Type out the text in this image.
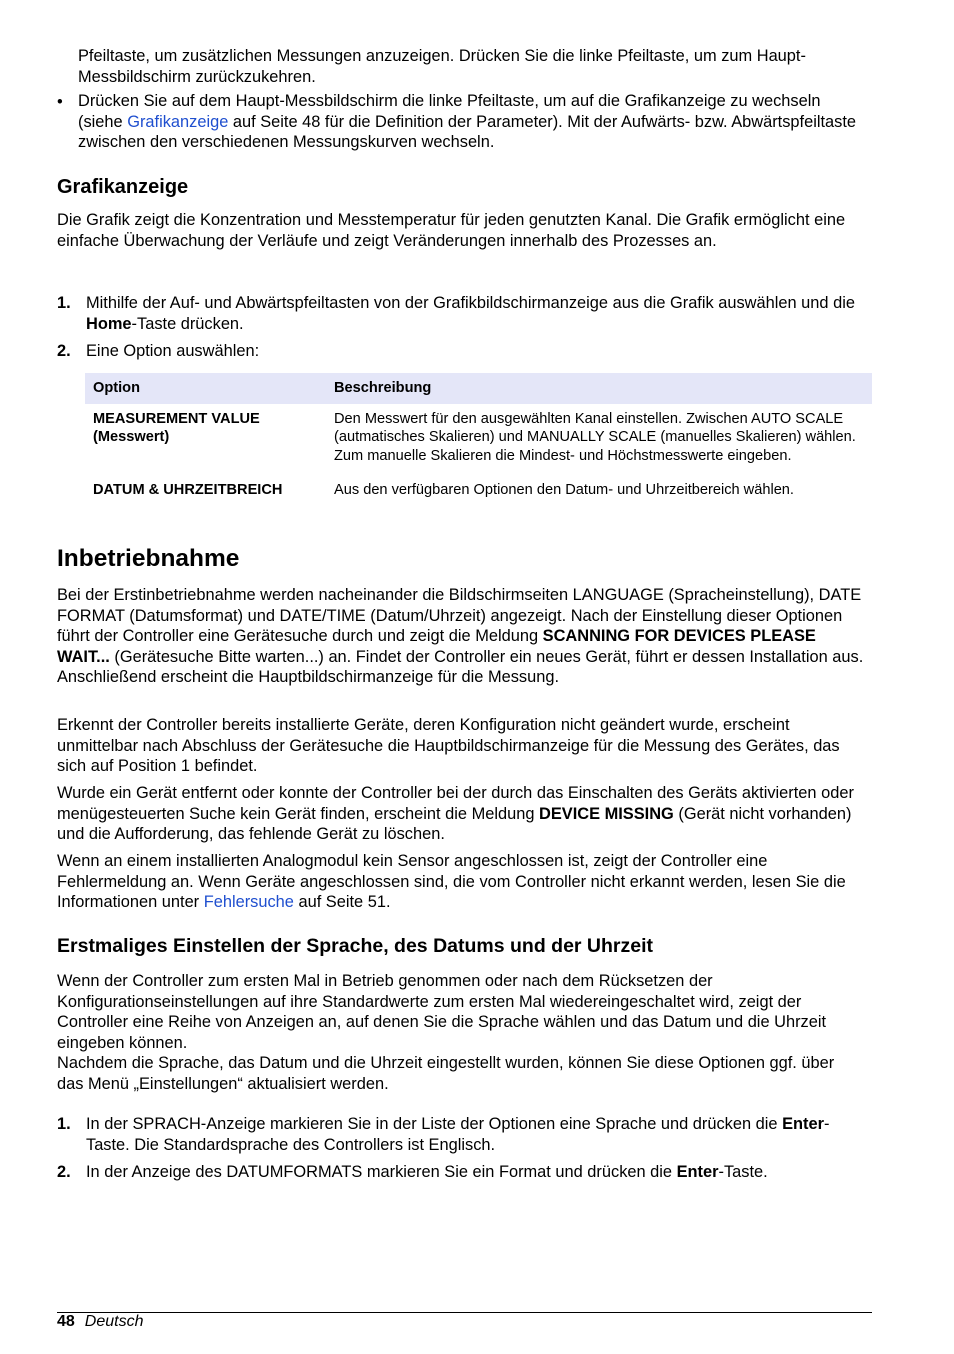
Pfeiltaste, um zusätzlichen Messungen anzuzeigen. Drücken Sie die linke Pfeiltaste, um zum Haupt-Messbildschirm zurückzukehren.

• Drücken Sie auf dem Haupt-Messbildschirm die linke Pfeiltaste, um auf die Grafikanzeige zu wechseln (siehe Grafikanzeige auf Seite 48 für die Definition der Parameter). Mit der Aufwärts- bzw. Abwärtspfeiltaste zwischen den verschiedenen Messungskurven wechseln.

Grafikanzeige

Die Grafik zeigt die Konzentration und Messtemperatur für jeden genutzten Kanal. Die Grafik ermöglicht eine einfache Überwachung der Verläufe und zeigt Veränderungen innerhalb des Prozesses an.

1. Mithilfe der Auf- und Abwärtspfeiltasten von der Grafikbildschirmanzeige aus die Grafik auswählen und die Home-Taste drücken.

2. Eine Option auswählen:

Option	Beschreibung
MEASUREMENT VALUE (Messwert)	Den Messwert für den ausgewählten Kanal einstellen. Zwischen AUTO SCALE (autmatisches Skalieren) und MANUALLY SCALE (manuelles Skalieren) wählen. Zum manuelle Skalieren die Mindest- und Höchstmesswerte eingeben.
DATUM & UHRZEITBREICH	Aus den verfügbaren Optionen den Datum- und Uhrzeitbereich wählen.
Inbetriebnahme

Bei der Erstinbetriebnahme werden nacheinander die Bildschirmseiten LANGUAGE (Spracheinstellung), DATE FORMAT (Datumsformat) und DATE/TIME (Datum/Uhrzeit) angezeigt. Nach der Einstellung dieser Optionen führt der Controller eine Gerätesuche durch und zeigt die Meldung SCANNING FOR DEVICES PLEASE WAIT... (Gerätesuche Bitte warten...) an. Findet der Controller ein neues Gerät, führt er dessen Installation aus. Anschließend erscheint die Hauptbildschirmanzeige für die Messung.

Erkennt der Controller bereits installierte Geräte, deren Konfiguration nicht geändert wurde, erscheint unmittelbar nach Abschluss der Gerätesuche die Hauptbildschirmanzeige für die Messung des Gerätes, das sich auf Position 1 befindet.

Wurde ein Gerät entfernt oder konnte der Controller bei der durch das Einschalten des Geräts aktivierten oder menügesteuerten Suche kein Gerät finden, erscheint die Meldung DEVICE MISSING (Gerät nicht vorhanden) und die Aufforderung, das fehlende Gerät zu löschen.

Wenn an einem installierten Analogmodul kein Sensor angeschlossen ist, zeigt der Controller eine Fehlermeldung an. Wenn Geräte angeschlossen sind, die vom Controller nicht erkannt werden, lesen Sie die Informationen unter Fehlersuche auf Seite 51.

Erstmaliges Einstellen der Sprache, des Datums und der Uhrzeit

Wenn der Controller zum ersten Mal in Betrieb genommen oder nach dem Rücksetzen der Konfigurationseinstellungen auf ihre Standardwerte zum ersten Mal wiedereingeschaltet wird, zeigt der Controller eine Reihe von Anzeigen an, auf denen Sie die Sprache wählen und das Datum und die Uhrzeit eingeben können.

Nachdem die Sprache, das Datum und die Uhrzeit eingestellt wurden, können Sie diese Optionen ggf. über das Menü „Einstellungen“ aktualisiert werden.

1. In der SPRACH-Anzeige markieren Sie in der Liste der Optionen eine Sprache und drücken die Enter-Taste. Die Standardsprache des Controllers ist Englisch.

2. In der Anzeige des DATUMFORMATS markieren Sie ein Format und drücken die Enter-Taste.

48 Deutsch
